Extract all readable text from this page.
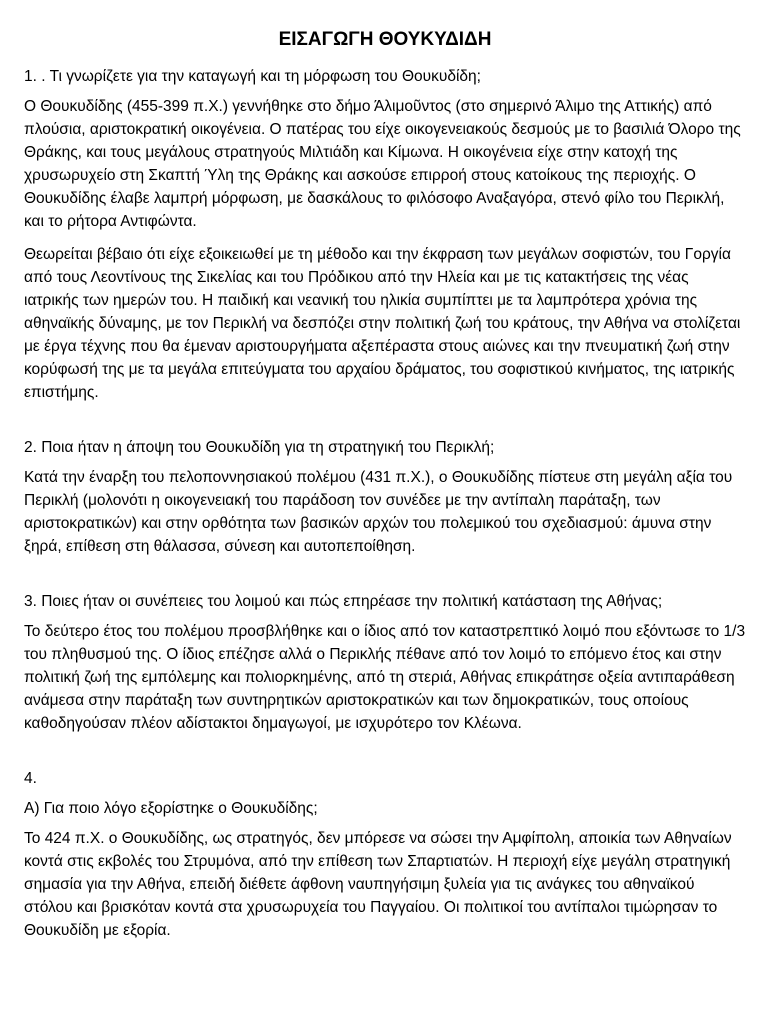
ΕΙΣΑΓΩΓΗ ΘΟΥΚΥΔΙΔΗ
1. . Τι γνωρίζετε για την καταγωγή και τη μόρφωση του Θουκυδίδη;
Ο Θουκυδίδης (455-399 π.Χ.) γεννήθηκε στο δήμο Άλιμοῦντος (στο σημερινό Άλιμο της Αττικής) από πλούσια, αριστοκρατική οικογένεια. Ο πατέρας του είχε οικογενειακούς δεσμούς με το βασιλιά Όλορο της Θράκης, και τους μεγάλους στρατηγούς Μιλτιάδη και Κίμωνα. Η οικογένεια είχε στην κατοχή της χρυσωρυχείο στη Σκαπτή Ύλη της Θράκης και ασκούσε επιρροή στους κατοίκους της περιοχής. Ο Θουκυδίδης έλαβε λαμπρή μόρφωση, με δασκάλους το φιλόσοφο Αναξαγόρα, στενό φίλο του Περικλή, και το ρήτορα Αντιφώντα.
Θεωρείται βέβαιο ότι είχε εξοικειωθεί με τη μέθοδο και την έκφραση των μεγάλων σοφιστών, του Γοργία από τους Λεοντίνους της Σικελίας και του Πρόδικου από την Ηλεία και με τις κατακτήσεις της νέας ιατρικής των ημερών του. Η παιδική και νεανική του ηλικία συμπίπτει με τα λαμπρότερα χρόνια της αθηναϊκής δύναμης, με τον Περικλή να δεσπόζει στην πολιτική ζωή του κράτους, την Αθήνα να στολίζεται με έργα τέχνης που θα έμεναν αριστουργήματα αξεπέραστα στους αιώνες και την πνευματική ζωή στην κορύφωσή της με τα μεγάλα επιτεύγματα του αρχαίου δράματος, του σοφιστικού κινήματος, της ιατρικής επιστήμης.
2. Ποια ήταν η άποψη του Θουκυδίδη για τη στρατηγική του Περικλή;
Κατά την έναρξη του πελοποννησιακού πολέμου (431 π.Χ.), ο Θουκυδίδης πίστευε στη μεγάλη αξία του Περικλή (μολονότι η οικογενειακή του παράδοση τον συνέδεε με την αντίπαλη παράταξη, των αριστοκρατικών) και στην ορθότητα των βασικών αρχών του πολεμικού του σχεδιασμού: άμυνα στην ξηρά, επίθεση στη θάλασσα, σύνεση και αυτοπεποίθηση.
3. Ποιες ήταν οι συνέπειες του λοιμού και πώς επηρέασε την πολιτική κατάσταση της Αθήνας;
Το δεύτερο έτος του πολέμου προσβλήθηκε και ο ίδιος από τον καταστρεπτικό λοιμό που εξόντωσε το 1/3 του πληθυσμού της. Ο ίδιος επέζησε αλλά ο Περικλής πέθανε από τον λοιμό το επόμενο έτος και στην πολιτική ζωή της εμπόλεμης και πολιορκημένης, από τη στεριά, Αθήνας επικράτησε οξεία αντιπαράθεση ανάμεσα στην παράταξη των συντηρητικών αριστοκρατικών και των δημοκρατικών, τους οποίους καθοδηγούσαν πλέον αδίστακτοι δημαγωγοί, με ισχυρότερο τον Κλέωνα.
4.
Α) Για ποιο λόγο εξορίστηκε ο Θουκυδίδης;
Το 424 π.Χ. ο Θουκυδίδης, ως στρατηγός, δεν μπόρεσε να σώσει την Αμφίπολη, αποικία των Αθηναίων κοντά στις εκβολές του Στρυμόνα, από την επίθεση των Σπαρτιατών. Η περιοχή είχε μεγάλη στρατηγική σημασία για την Αθήνα, επειδή διέθετε άφθονη ναυπηγήσιμη ξυλεία για τις ανάγκες του αθηναϊκού στόλου και βρισκόταν κοντά στα χρυσωρυχεία του Παγγαίου. Οι πολιτικοί του αντίπαλοι τιμώρησαν το Θουκυδίδη με εξορία.
